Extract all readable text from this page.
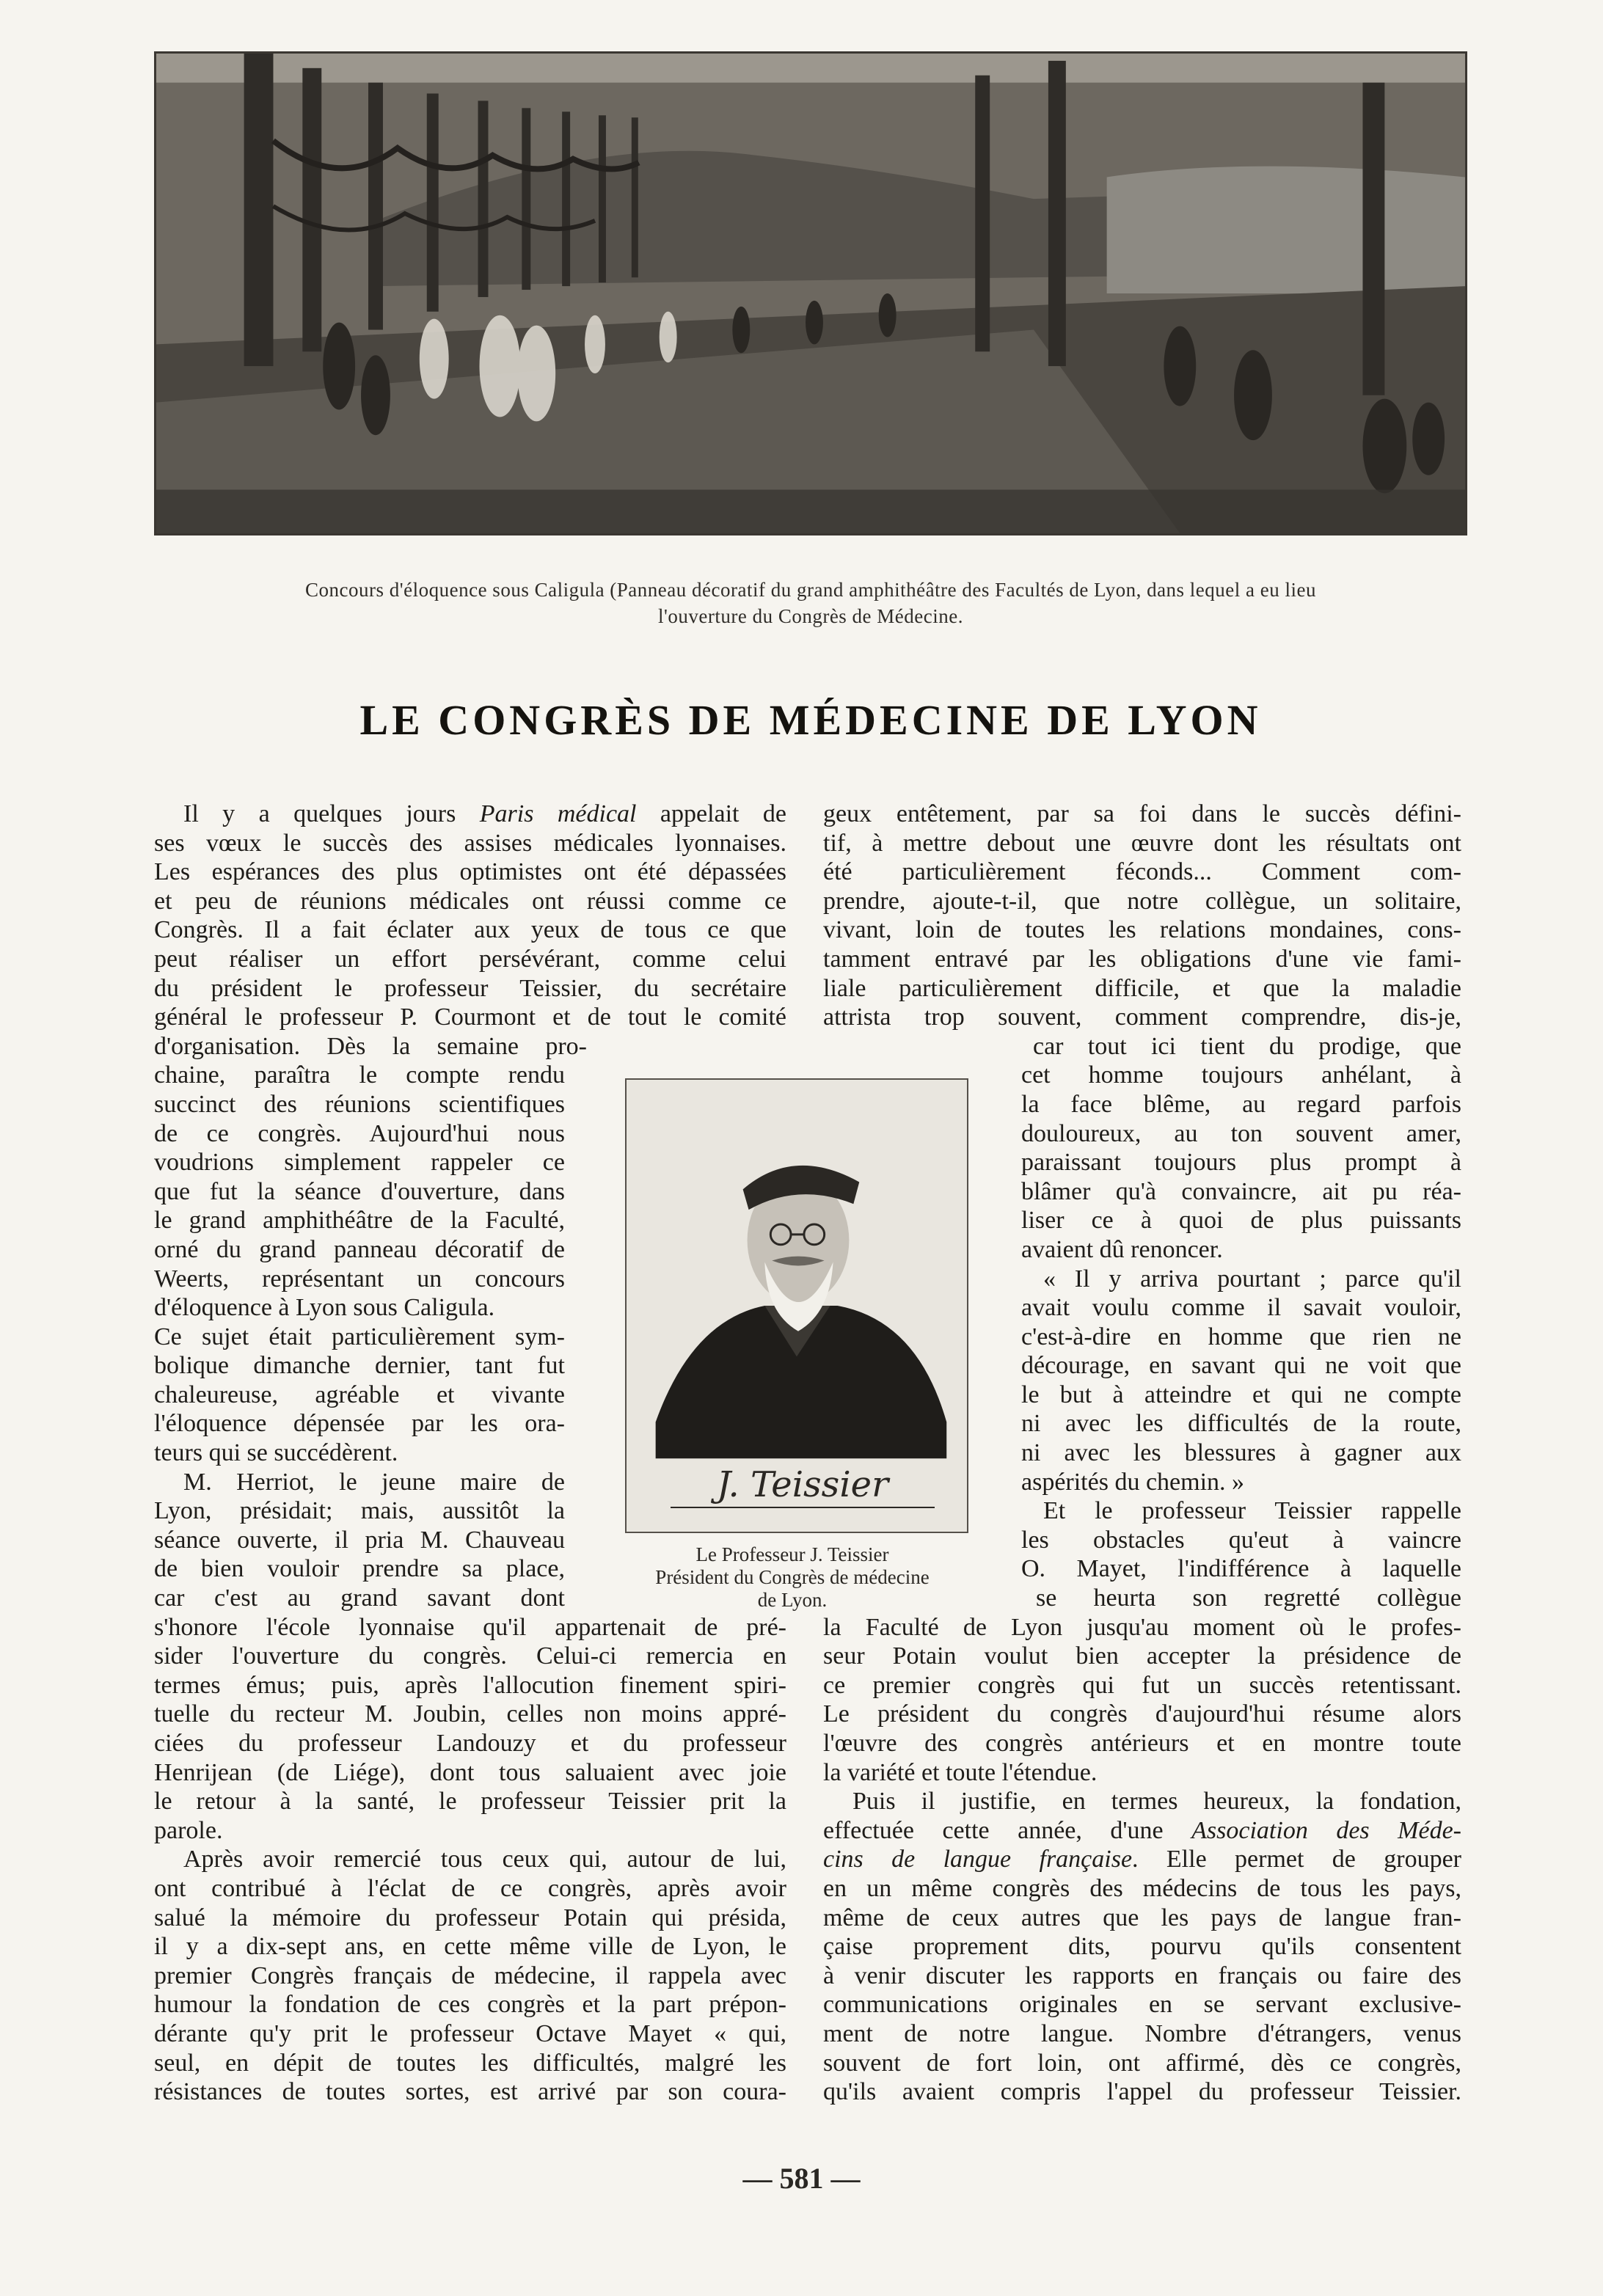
Concours d'éloquence sous Caligula (Panneau décoratif du grand amphithéâtre des Facultés de Lyon, dans lequel a eu lieu
l'ouverture du Congrès de Médecine.
LE CONGRÈS DE MÉDECINE DE LYON
Il y a quelques jours Paris médical appelait de
ses vœux le succès des assises médicales lyonnaises.
Les espérances des plus optimistes ont été dépassées
et peu de réunions médicales ont réussi comme ce
Congrès. Il a fait éclater aux yeux de tous ce que
peut réaliser un effort persévérant, comme celui
du président le professeur Teissier, du secrétaire
général le professeur P. Courmont et de tout le comité
d'organisation. Dès la semaine pro-
chaine, paraîtra le compte rendu
succinct des réunions scientifiques
de ce congrès. Aujourd'hui nous
voudrions simplement rappeler ce
que fut la séance d'ouverture, dans
le grand amphithéâtre de la Faculté,
orné du grand panneau décoratif de
Weerts, représentant un concours
d'éloquence à Lyon sous Caligula.
Ce sujet était particulièrement sym-
bolique dimanche dernier, tant fut
chaleureuse, agréable et vivante
l'éloquence dépensée par les ora-
teurs qui se succédèrent.
M. Herriot, le jeune maire de
Lyon, présidait; mais, aussitôt la
séance ouverte, il pria M. Chauveau
de bien vouloir prendre sa place,
car c'est au grand savant dont
s'honore l'école lyonnaise qu'il appartenait de pré-
sider l'ouverture du congrès. Celui-ci remercia en
termes émus; puis, après l'allocution finement spiri-
tuelle du recteur M. Joubin, celles non moins appré-
ciées du professeur Landouzy et du professeur
Henrijean (de Liége), dont tous saluaient avec joie
le retour à la santé, le professeur Teissier prit la
parole.
Après avoir remercié tous ceux qui, autour de lui,
ont contribué à l'éclat de ce congrès, après avoir
salué la mémoire du professeur Potain qui présida,
il y a dix-sept ans, en cette même ville de Lyon, le
premier Congrès français de médecine, il rappela avec
humour la fondation de ces congrès et la part prépon-
dérante qu'y prit le professeur Octave Mayet « qui,
seul, en dépit de toutes les difficultés, malgré les
résistances de toutes sortes, est arrivé par son coura-
geux entêtement, par sa foi dans le succès défini-
tif, à mettre debout une œuvre dont les résultats ont
été particulièrement féconds... Comment com-
prendre, ajoute-t-il, que notre collègue, un solitaire,
vivant, loin de toutes les relations mondaines, cons-
tamment entravé par les obligations d'une vie fami-
liale particulièrement difficile, et que la maladie
attrista trop souvent, comment comprendre, dis-je,
car tout ici tient du prodige, que
cet homme toujours anhélant, à
la face blême, au regard parfois
douloureux, au ton souvent amer,
paraissant toujours plus prompt à
blâmer qu'à convaincre, ait pu réa-
liser ce à quoi de plus puissants
avaient dû renoncer.
« Il y arriva pourtant ; parce qu'il
avait voulu comme il savait vouloir,
c'est-à-dire en homme que rien ne
décourage, en savant qui ne voit que
le but à atteindre et qui ne compte
ni avec les difficultés de la route,
ni avec les blessures à gagner aux
aspérités du chemin. »
Et le professeur Teissier rappelle
les obstacles qu'eut à vaincre
O. Mayet, l'indifférence à laquelle
se heurta son regretté collègue
la Faculté de Lyon jusqu'au moment où le profes-
seur Potain voulut bien accepter la présidence de
ce premier congrès qui fut un succès retentissant.
Le président du congrès d'aujourd'hui résume alors
l'œuvre des congrès antérieurs et en montre toute
la variété et toute l'étendue.
Puis il justifie, en termes heureux, la fondation,
effectuée cette année, d'une Association des Méde-
cins de langue française. Elle permet de grouper
en un même congrès des médecins de tous les pays,
même de ceux autres que les pays de langue fran-
çaise proprement dits, pourvu qu'ils consentent
à venir discuter les rapports en français ou faire des
communications originales en se servant exclusive-
ment de notre langue. Nombre d'étrangers, venus
souvent de fort loin, ont affirmé, dès ce congrès,
qu'ils avaient compris l'appel du professeur Teissier.
J. Teissier
Le Professeur J. Teissier
Président du Congrès de médecine
de Lyon.
— 581 —
